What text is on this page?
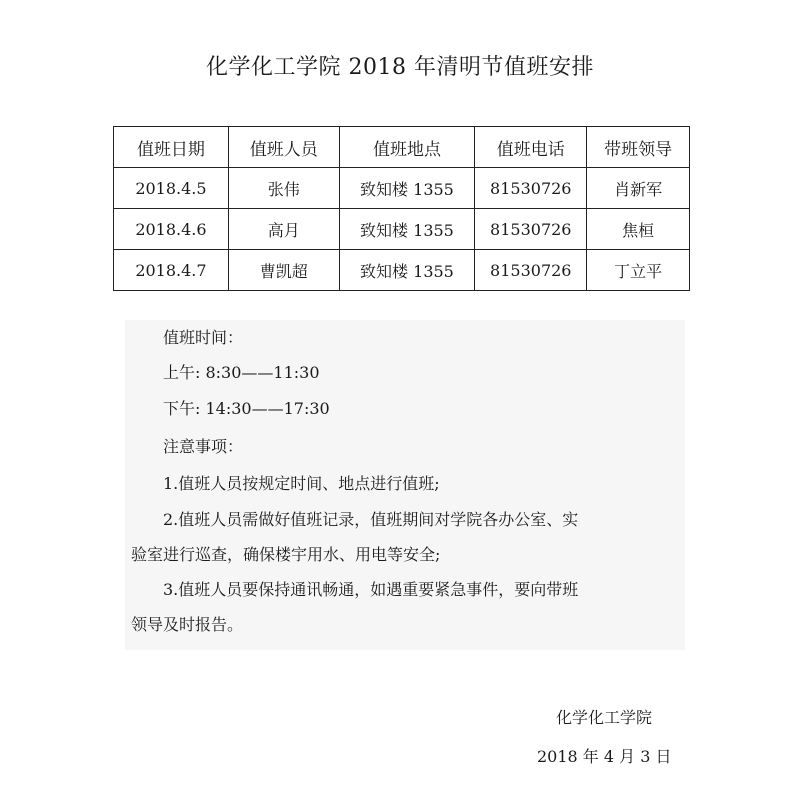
化学化工学院 2018 年清明节值班安排
值班日期	值班人员	值班地点	值班电话	带班领导
2018.4.5	张伟	致知楼 1355	81530726	肖新军
2018.4.6	高月	致知楼 1355	81530726	焦桓
2018.4.7	曹凯超	致知楼 1355	81530726	丁立平
值班时间：
上午: 8:30——11:30
下午: 14:30——17:30
注意事项：
1.值班人员按规定时间、地点进行值班;
2.值班人员需做好值班记录，值班期间对学院各办公室、实
验室进行巡查，确保楼宇用水、用电等安全;
3.值班人员要保持通讯畅通，如遇重要紧急事件，要向带班
领导及时报告。
化学化工学院
2018 年 4 月 3 日
